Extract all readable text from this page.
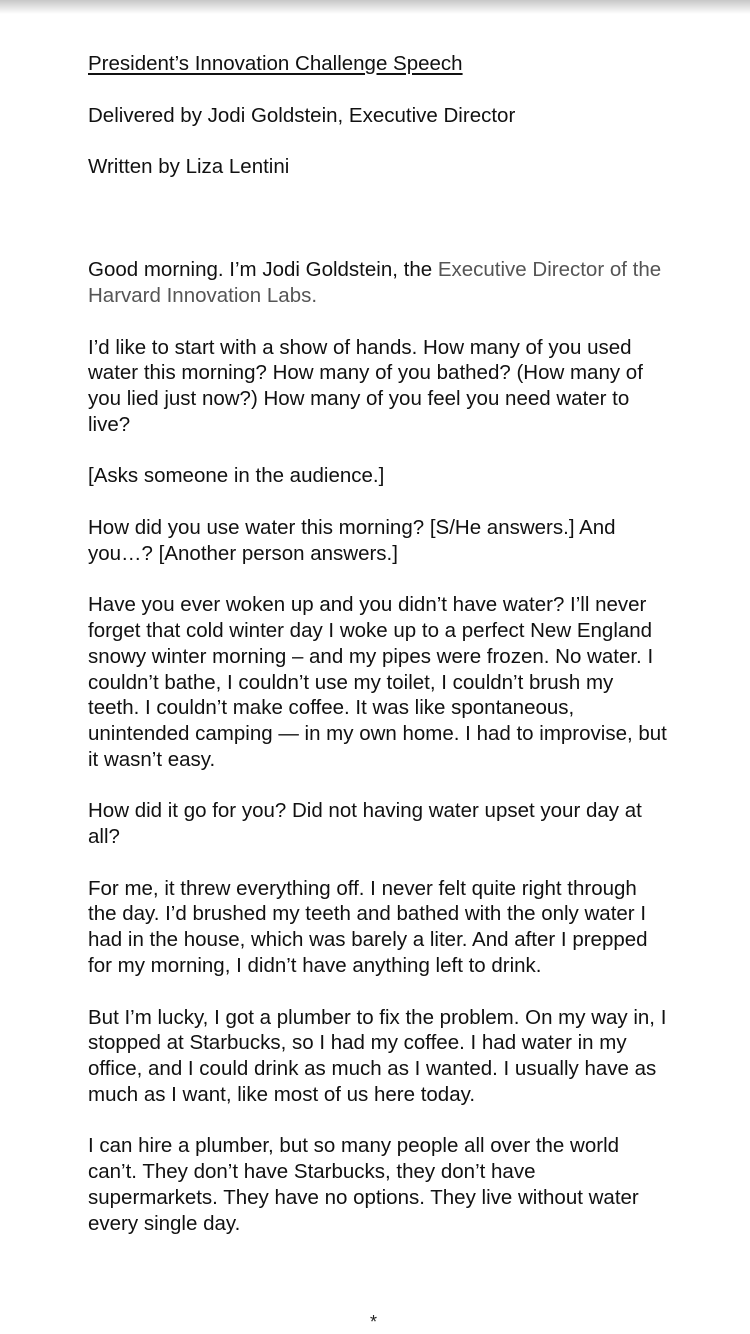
President’s Innovation Challenge Speech

Delivered by Jodi Goldstein, Executive Director

Written by Liza Lentini

Good morning. I’m Jodi Goldstein, the Executive Director of the Harvard Innovation Labs.

I’d like to start with a show of hands. How many of you used water this morning? How many of you bathed? (How many of you lied just now?) How many of you feel you need water to live?

[Asks someone in the audience.]

How did you use water this morning? [S/He answers.] And you…? [Another person answers.]

Have you ever woken up and you didn’t have water? I’ll never forget that cold winter day I woke up to a perfect New England snowy winter morning – and my pipes were frozen. No water. I couldn’t bathe, I couldn’t use my toilet, I couldn’t brush my teeth. I couldn’t make coffee. It was like spontaneous, unintended camping — in my own home. I had to improvise, but it wasn’t easy.

How did it go for you? Did not having water upset your day at all?

For me, it threw everything off. I never felt quite right through the day. I’d brushed my teeth and bathed with the only water I had in the house, which was barely a liter. And after I prepped for my morning, I didn’t have anything left to drink.

But I’m lucky, I got a plumber to fix the problem. On my way in, I stopped at Starbucks, so I had my coffee. I had water in my office, and I could drink as much as I wanted. I usually have as much as I want, like most of us here today.

I can hire a plumber, but so many people all over the world can’t. They don’t have Starbucks, they don’t have supermarkets. They have no options. They live without water every single day.

*
